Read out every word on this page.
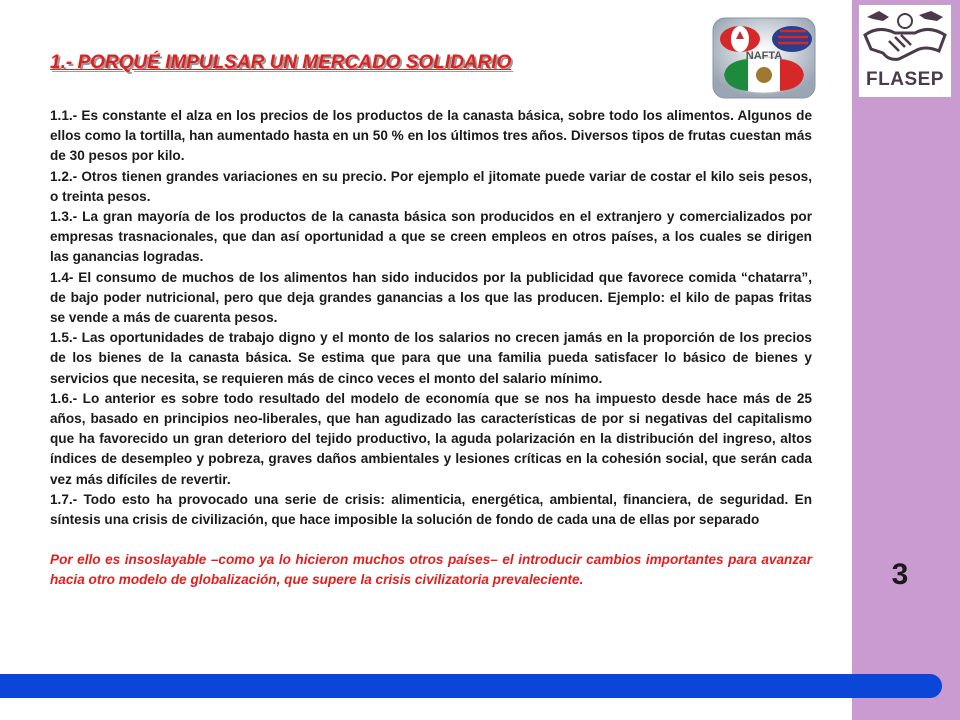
FLASEP
NAFTA
1.- PORQUÉ IMPULSAR UN MERCADO SOLIDARIO

1.1.- Es constante el alza en los precios de los productos de la canasta básica, sobre todo los alimentos. Algunos de ellos como la tortilla, han aumentado hasta en un 50 % en los últimos tres años. Diversos tipos de frutas cuestan más de 30 pesos por kilo.

1.2.- Otros tienen grandes variaciones en su precio. Por ejemplo el jitomate puede variar de costar el kilo seis pesos, o treinta pesos.

1.3.- La gran mayoría de los productos de la canasta básica son producidos en el extranjero y comercializados por empresas trasnacionales, que dan así oportunidad a que se creen empleos en otros países, a los cuales se dirigen las ganancias logradas.

1.4- El consumo de muchos de los alimentos han sido inducidos por la publicidad que favorece comida “chatarra”, de bajo poder nutricional, pero que deja grandes ganancias a los que las producen. Ejemplo: el kilo de papas fritas se vende a más de cuarenta pesos.

1.5.- Las oportunidades de trabajo digno y el monto de los salarios no crecen jamás en la proporción de los precios de los bienes de la canasta básica. Se estima que para que una familia pueda satisfacer lo básico de bienes y servicios que necesita, se requieren más de cinco veces el monto del salario mínimo.

1.6.- Lo anterior es sobre todo resultado del modelo de economía que se nos ha impuesto desde hace más de 25 años, basado en principios neo-liberales, que han agudizado las características de por si negativas del capitalismo que ha favorecido un gran deterioro del tejido productivo, la aguda polarización en la distribución del ingreso, altos índices de desempleo y pobreza, graves daños ambientales y lesiones críticas en la cohesión social, que serán cada vez más difíciles de revertir.

1.7.- Todo esto ha provocado una serie de crisis: alimenticia, energética, ambiental, financiera, de seguridad. En síntesis una crisis de civilización, que hace imposible la solución de fondo de cada una de ellas por separado

Por ello es insoslayable –como ya lo hicieron muchos otros países– el introducir cambios importantes para avanzar hacia otro modelo de globalización, que supere la crisis civilizatoria prevaleciente.	3
